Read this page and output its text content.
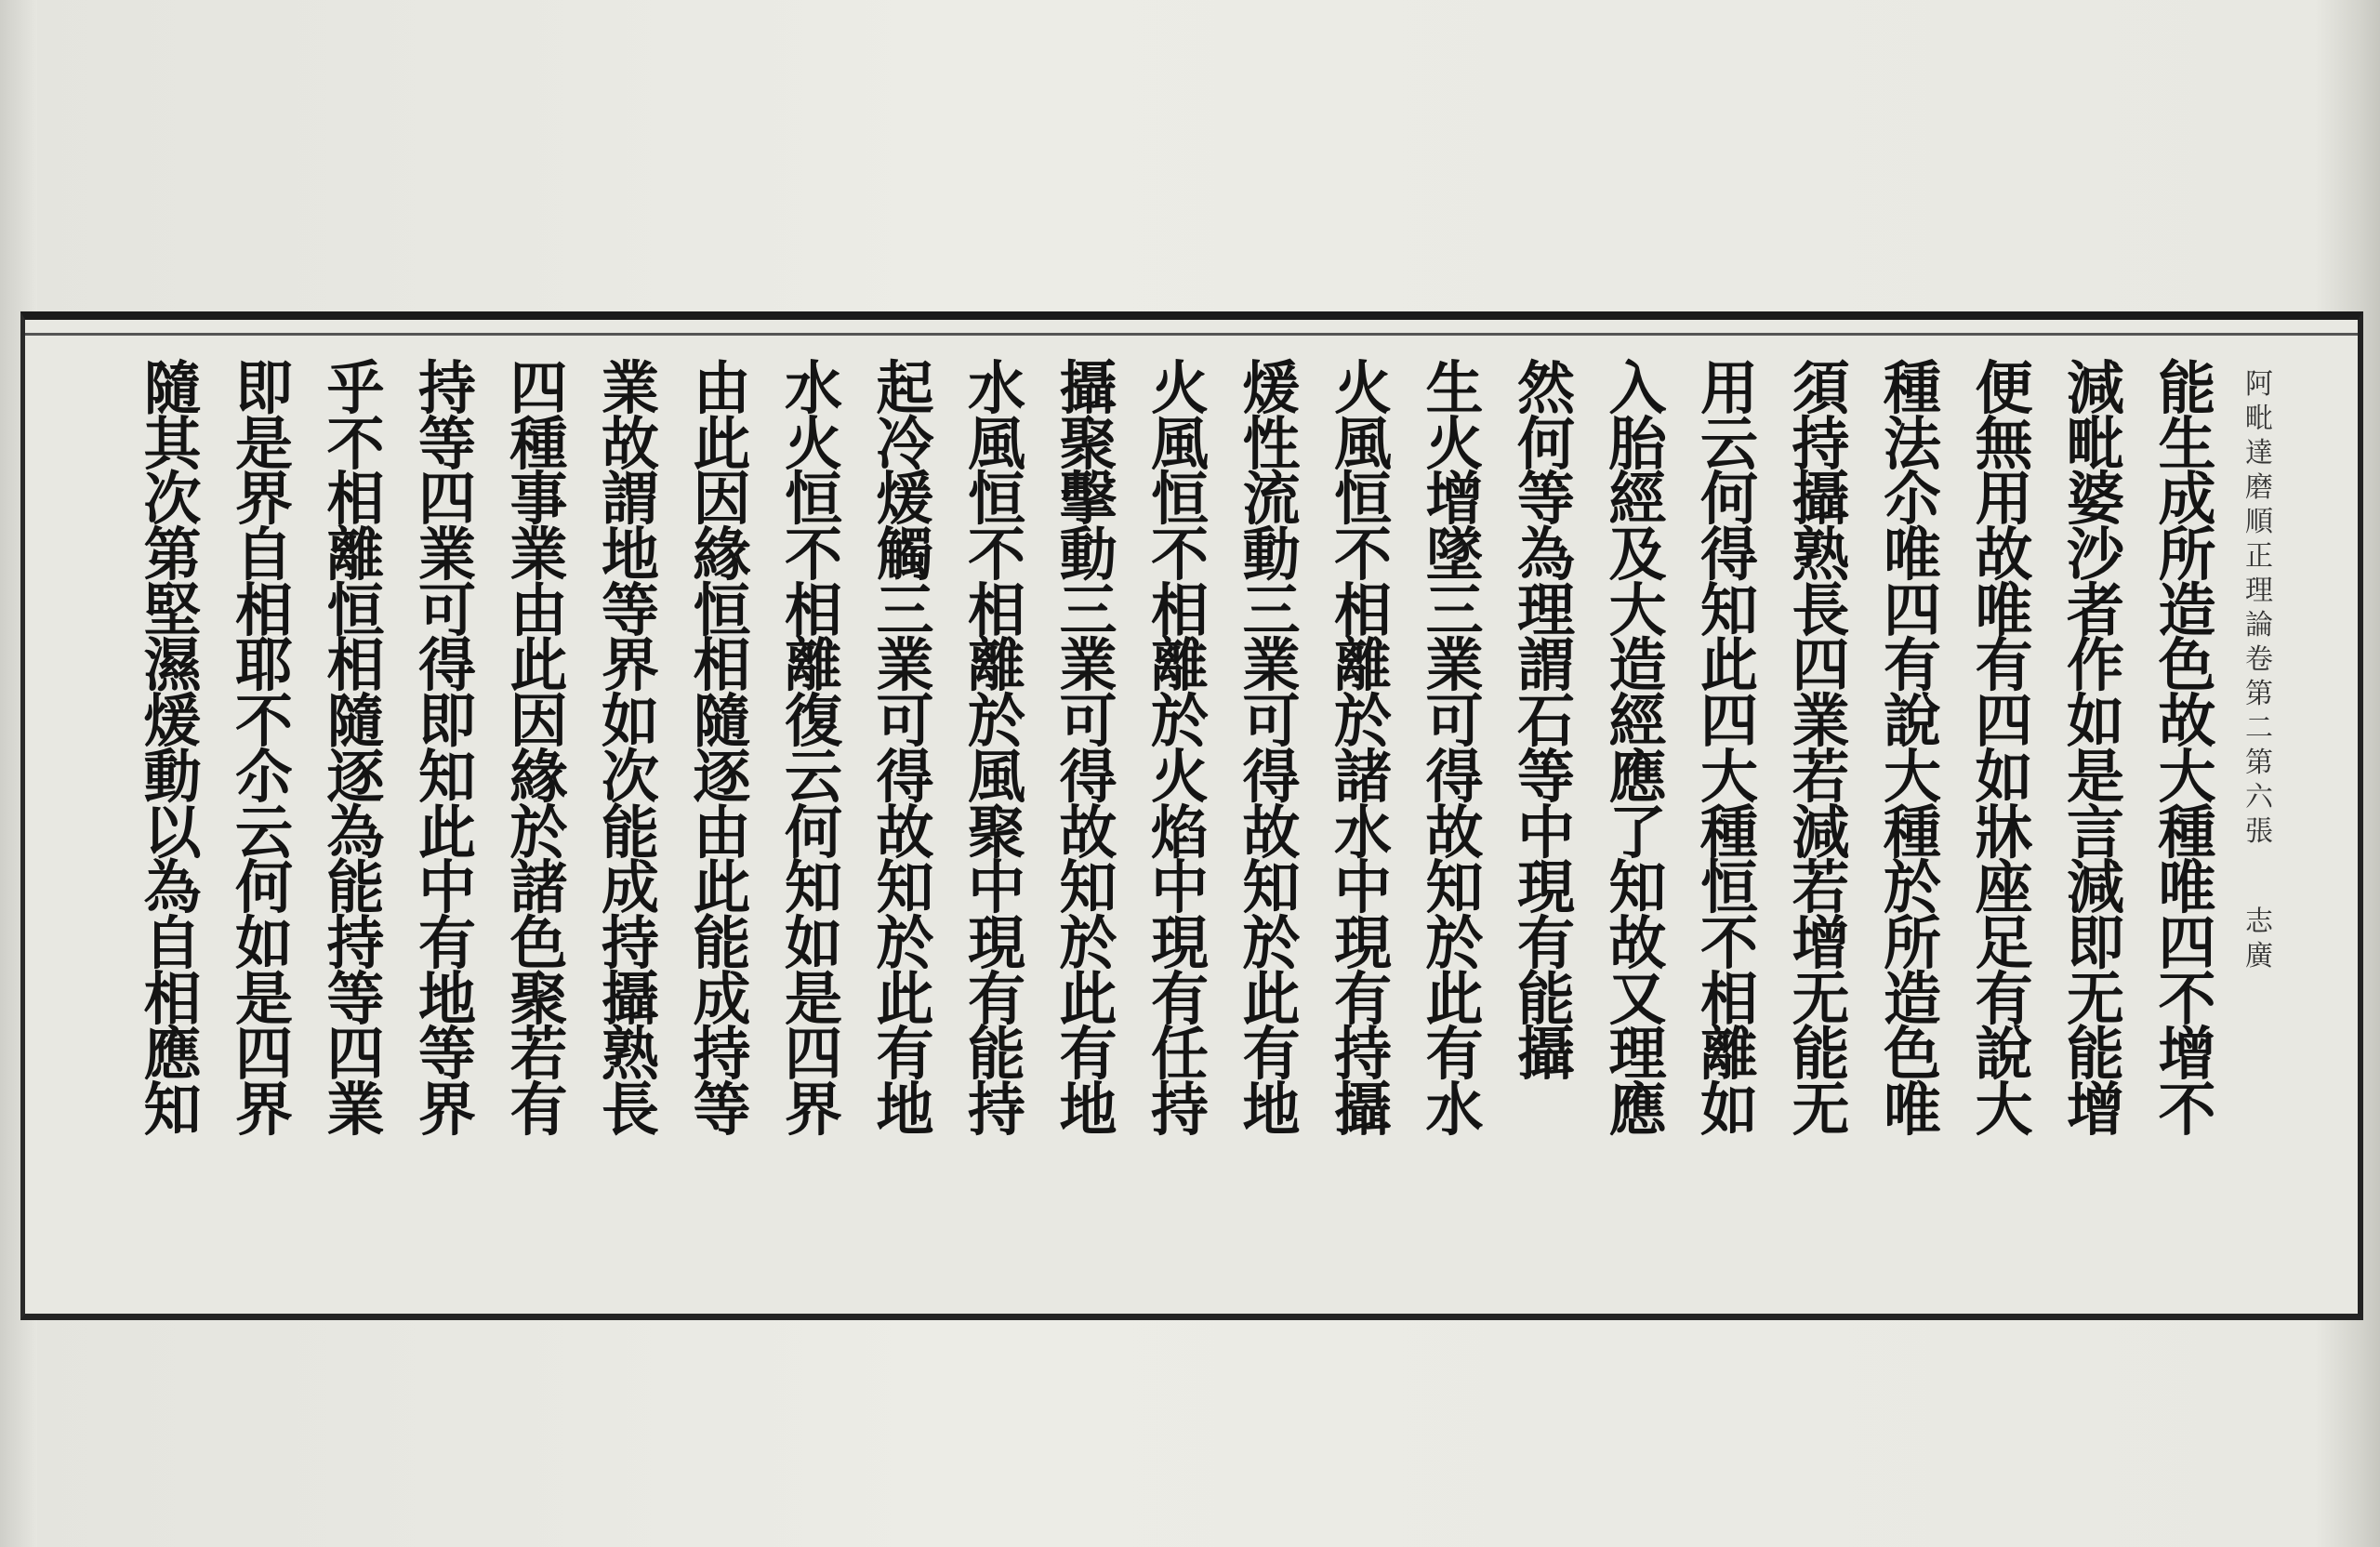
阿
毗
達
磨
順
正
理
論
卷
第
二
第
六
張
志
廣
能
生
成
所
造
色
故
大
種
唯
四
不
增
不
減
毗
婆
沙
者
作
如
是
言
減
即
无
能
增
便
無
用
故
唯
有
四
如
牀
座
足
有
說
大
種
法
尒
唯
四
有
說
大
種
於
所
造
色
唯
須
持
攝
熟
長
四
業
若
減
若
增
无
能
无
用
云
何
得
知
此
四
大
種
恒
不
相
離
如
入
胎
經
及
大
造
經
應
了
知
故
又
理
應
然
何
等
為
理
謂
石
等
中
現
有
能
攝
生
火
增
墜
三
業
可
得
故
知
於
此
有
水
火
風
恒
不
相
離
於
諸
水
中
現
有
持
攝
煖
性
流
動
三
業
可
得
故
知
於
此
有
地
火
風
恒
不
相
離
於
火
焰
中
現
有
任
持
攝
聚
擊
動
三
業
可
得
故
知
於
此
有
地
水
風
恒
不
相
離
於
風
聚
中
現
有
能
持
起
冷
煖
觸
三
業
可
得
故
知
於
此
有
地
水
火
恒
不
相
離
復
云
何
知
如
是
四
界
由
此
因
緣
恒
相
隨
逐
由
此
能
成
持
等
業
故
謂
地
等
界
如
次
能
成
持
攝
熟
長
四
種
事
業
由
此
因
緣
於
諸
色
聚
若
有
持
等
四
業
可
得
即
知
此
中
有
地
等
界
乎
不
相
離
恒
相
隨
逐
為
能
持
等
四
業
即
是
界
自
相
耶
不
尒
云
何
如
是
四
界
隨
其
次
第
堅
濕
煖
動
以
為
自
相
應
知
